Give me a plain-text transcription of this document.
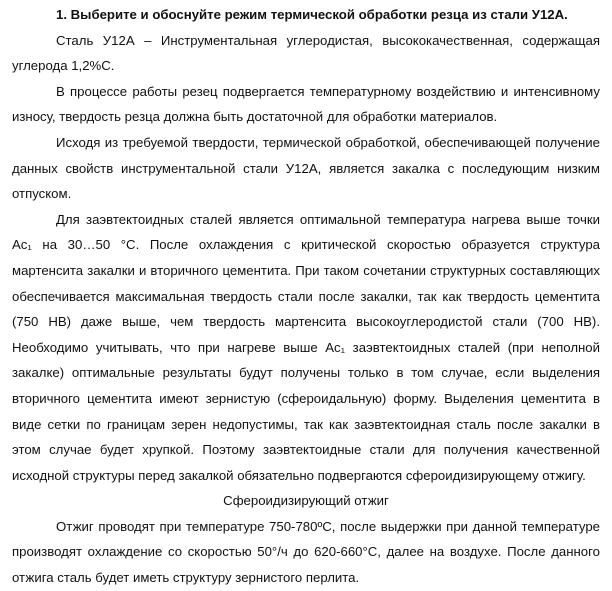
1. Выберите и обоснуйте режим термической обработки резца из стали У12А.

Сталь У12А – Инструментальная углеродистая, высококачественная, содержащая углерода 1,2%С.

В процессе работы резец подвергается температурному воздействию и интенсивному износу, твердость резца должна быть достаточной для обработки материалов.

Исходя из требуемой твердости, термической обработкой, обеспечивающей получение данных свойств инструментальной стали У12А, является закалка с последующим низким отпуском.

Для заэвтектоидных сталей является оптимальной температура нагрева выше точки Ас₁ на 30…50 °С. После охлаждения с критической скоростью образуется структура мартенсита закалки и вторичного цементита. При таком сочетании структурных составляющих обеспечивается максимальная твердость стали после закалки, так как твердость цементита (750 НВ) даже выше, чем твердость мартенсита высокоуглеродистой стали (700 НВ). Необходимо учитывать, что при нагреве выше Ас₁ заэвтектоидных сталей (при неполной закалке) оптимальные результаты будут получены только в том случае, если выделения вторичного цементита имеют зернистую (сфероидальную) форму. Выделения цементита в виде сетки по границам зерен недопустимы, так как заэвтектоидная сталь после закалки в этом случае будет хрупкой. Поэтому заэвтектоидные стали для получения качественной исходной структуры перед закалкой обязательно подвергаются сфероидизирующему отжигу.

Сфероидизирующий отжиг

Отжиг проводят при температуре 750-780ºС, после выдержки при данной температуре производят охлаждение со скоростью 50°/ч до 620-660°С, далее на воздухе. После данного отжига сталь будет иметь структуру зернистого перлита.
